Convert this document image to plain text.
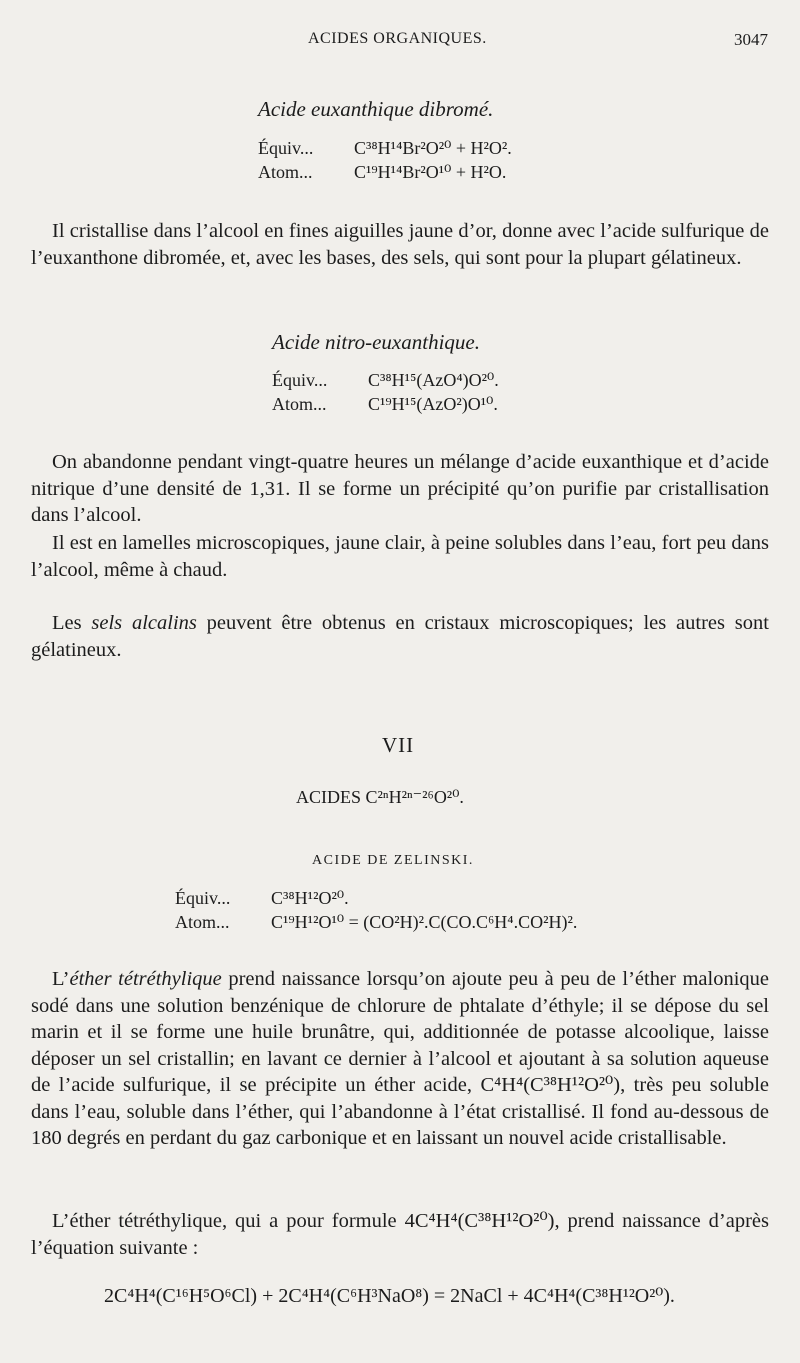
ACIDES ORGANIQUES.	3047
Acide euxanthique dibromé.
Équiv... C³⁸H¹⁴Br²O²⁰ + H²O².
Atom... C¹⁹H¹⁴Br²O¹⁰ + H²O.
Il cristallise dans l’alcool en fines aiguilles jaune d’or, donne avec l’acide sulfurique de l’euxanthone dibromée, et, avec les bases, des sels, qui sont pour la plupart gélatineux.
Acide nitro-euxanthique.
Équiv... C³⁸H¹⁵(AzO⁴)O²⁰.
Atom... C¹⁹H¹⁵(AzO²)O¹⁰.
On abandonne pendant vingt-quatre heures un mélange d’acide euxanthique et d’acide nitrique d’une densité de 1,31. Il se forme un précipité qu’on purifie par cristallisation dans l’alcool.
Il est en lamelles microscopiques, jaune clair, à peine solubles dans l’eau, fort peu dans l’alcool, même à chaud.
Les sels alcalins peuvent être obtenus en cristaux microscopiques; les autres sont gélatineux.
VII
ACIDES C²ⁿH²ⁿ⁻²⁶O²⁰.
ACIDE DE ZELINSKI.
Équiv... C³⁸H¹²O²⁰.
Atom... C¹⁹H¹²O¹⁰ = (CO²H)².C(CO.C⁶H⁴.CO²H)².
L’éther tétréthylique prend naissance lorsqu’on ajoute peu à peu de l’éther malonique sodé dans une solution benzénique de chlorure de phtalate d’éthyle; il se dépose du sel marin et il se forme une huile brunâtre, qui, additionnée de potasse alcoolique, laisse déposer un sel cristallin; en lavant ce dernier à l’alcool et ajoutant à sa solution aqueuse de l’acide sulfurique, il se précipite un éther acide, C⁴H⁴(C³⁸H¹²O²⁰), très peu soluble dans l’eau, soluble dans l’éther, qui l’abandonne à l’état cristallisé. Il fond au-dessous de 180 degrés en perdant du gaz carbonique et en laissant un nouvel acide cristallisable.
L’éther tétréthylique, qui a pour formule 4C⁴H⁴(C³⁸H¹²O²⁰), prend naissance d’après l’équation suivante :
2C⁴H⁴(C¹⁶H⁵O⁶Cl) + 2C⁴H⁴(C⁶H³NaO⁸) = 2NaCl + 4C⁴H⁴(C³⁸H¹²O²⁰).
